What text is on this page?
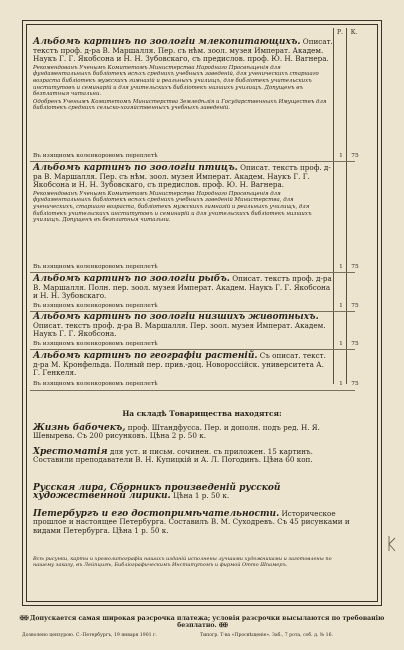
Р.	К.
Альбомъ картинъ по зоологiи млекопитающихъ. Описат. текстъ проф. д-ра В. Маршалля. Пер. съ нѣм. зоол. музея Императ. Академ. Наукъ Г. Г. Якобсона и Н. Н. Зубовскаго, съ предислов. проф. Ю. Н. Вагнера.
Рекомендованъ Ученымъ Комитетомъ Министерства Народнаго Просвѣщенiя для фундаментальныхъ библiотекъ всѣхъ среднихъ учебныхъ заведенiй, для ученическихъ старшаго возраста библiотекъ мужскихъ гимназiй и реальныхъ училищъ, для библiотекъ учительскихъ институтовъ и семинарiй и для учительскихъ библiотекъ низшихъ училищъ. Допущенъ въ безплатныя читальни.
Одобренъ Ученымъ Комитетомъ Министерства Земледѣлiя и Государственныхъ Имуществъ для библiотекъ среднихъ сельско-хозяйственныхъ учебныхъ заведенiй.
Въ изящномъ коленкоровомъ переплетѣ	1	75
Альбомъ картинъ по зоологiи птицъ. Описат. текстъ проф. д-ра В. Маршалля. Пер. съ нѣм. зоол. музея Императ. Академ. Наукъ Г. Г. Якобсона и Н. Н. Зубовскаго, съ предислов. проф. Ю. Н. Вагнера.
Рекомендованъ Ученымъ Комитетомъ Министерства Народнаго Просвѣщенiя для фундаментальныхъ библiотекъ всѣхъ среднихъ учебныхъ заведенiй Министерства, для ученическихъ, старшаго возраста, библiотекъ мужскихъ гимназiй и реальныхъ училищъ, для библiотекъ учительскихъ институтовъ и семинарiй и для учительскихъ библiотекъ низшихъ училищъ. Допущенъ въ безплатныя читальни.
Въ изящномъ коленкоровомъ переплетѣ	1	75
Альбомъ картинъ по зоологiи рыбъ. Описат. текстъ проф. д-ра В. Маршалля. Полн. пер. зоол. музея Императ. Академ. Наукъ Г. Г. Якобсона и Н. Н. Зубовскаго.
Въ изящномъ коленкоровомъ переплетѣ	1	75
Альбомъ картинъ по зоологiи низшихъ животныхъ. Описат. текстъ проф. д-ра В. Маршалля. Пер. зоол. музея Императ. Академ. Наукъ Г. Г. Якобсона.
Въ изящномъ коленкоровомъ переплетѣ	1	75
Альбомъ картинъ по географiи растенiй. Съ описат. текст. д-ра М. Кронфельда. Полный пер. прив.-доц. Новороссiйск. университета А. Г. Генкеля.
Въ изящномъ коленкоровомъ переплетѣ	1	75
На складѣ Товарищества находятся:
Жизнь бабочекъ, проф. Штандфусса. Пер. и дополн. подъ ред. Н. Я. Шевырева. Съ 200 рисунковъ. Цѣна 2 р. 50 к.
Хрестоматiя для уст. и письм. сочинен. съ приложен. 15 картинъ. Составили преподаватели В. Н. Купицкiй и А. Л. Погодинъ. Цѣна 60 коп.
Русская лира, Сборникъ произведенiй русской художественной лирики. Цѣна 1 р. 50 к.
Петербургъ и его достопримѣчательности. Историческое прошлое и настоящее Петербурга. Составилъ В. М. Суходревъ. Съ 45 рисунками и видами Петербурга. Цѣна 1 р. 50 к.
Всѣ рисунки, карты и хромолитографiи нашихъ изданiй исполнены лучшими художниками и заготовлены по нашему заказу, въ Лейпцигѣ, Библiографическимъ Институтомъ и фирмой Отто Шпамеръ.
✠✠ Допускается самая широкая разсрочка платежа; условiя разсрочки высылаются по требованiю безплатно. ✠✠
Дозволено цензурою. С.-Петербургъ, 19 января 1901 г.	Типогр. Т-ва «Просвѣщенiе». Заб., 7 рота, соб. д. № 16.
